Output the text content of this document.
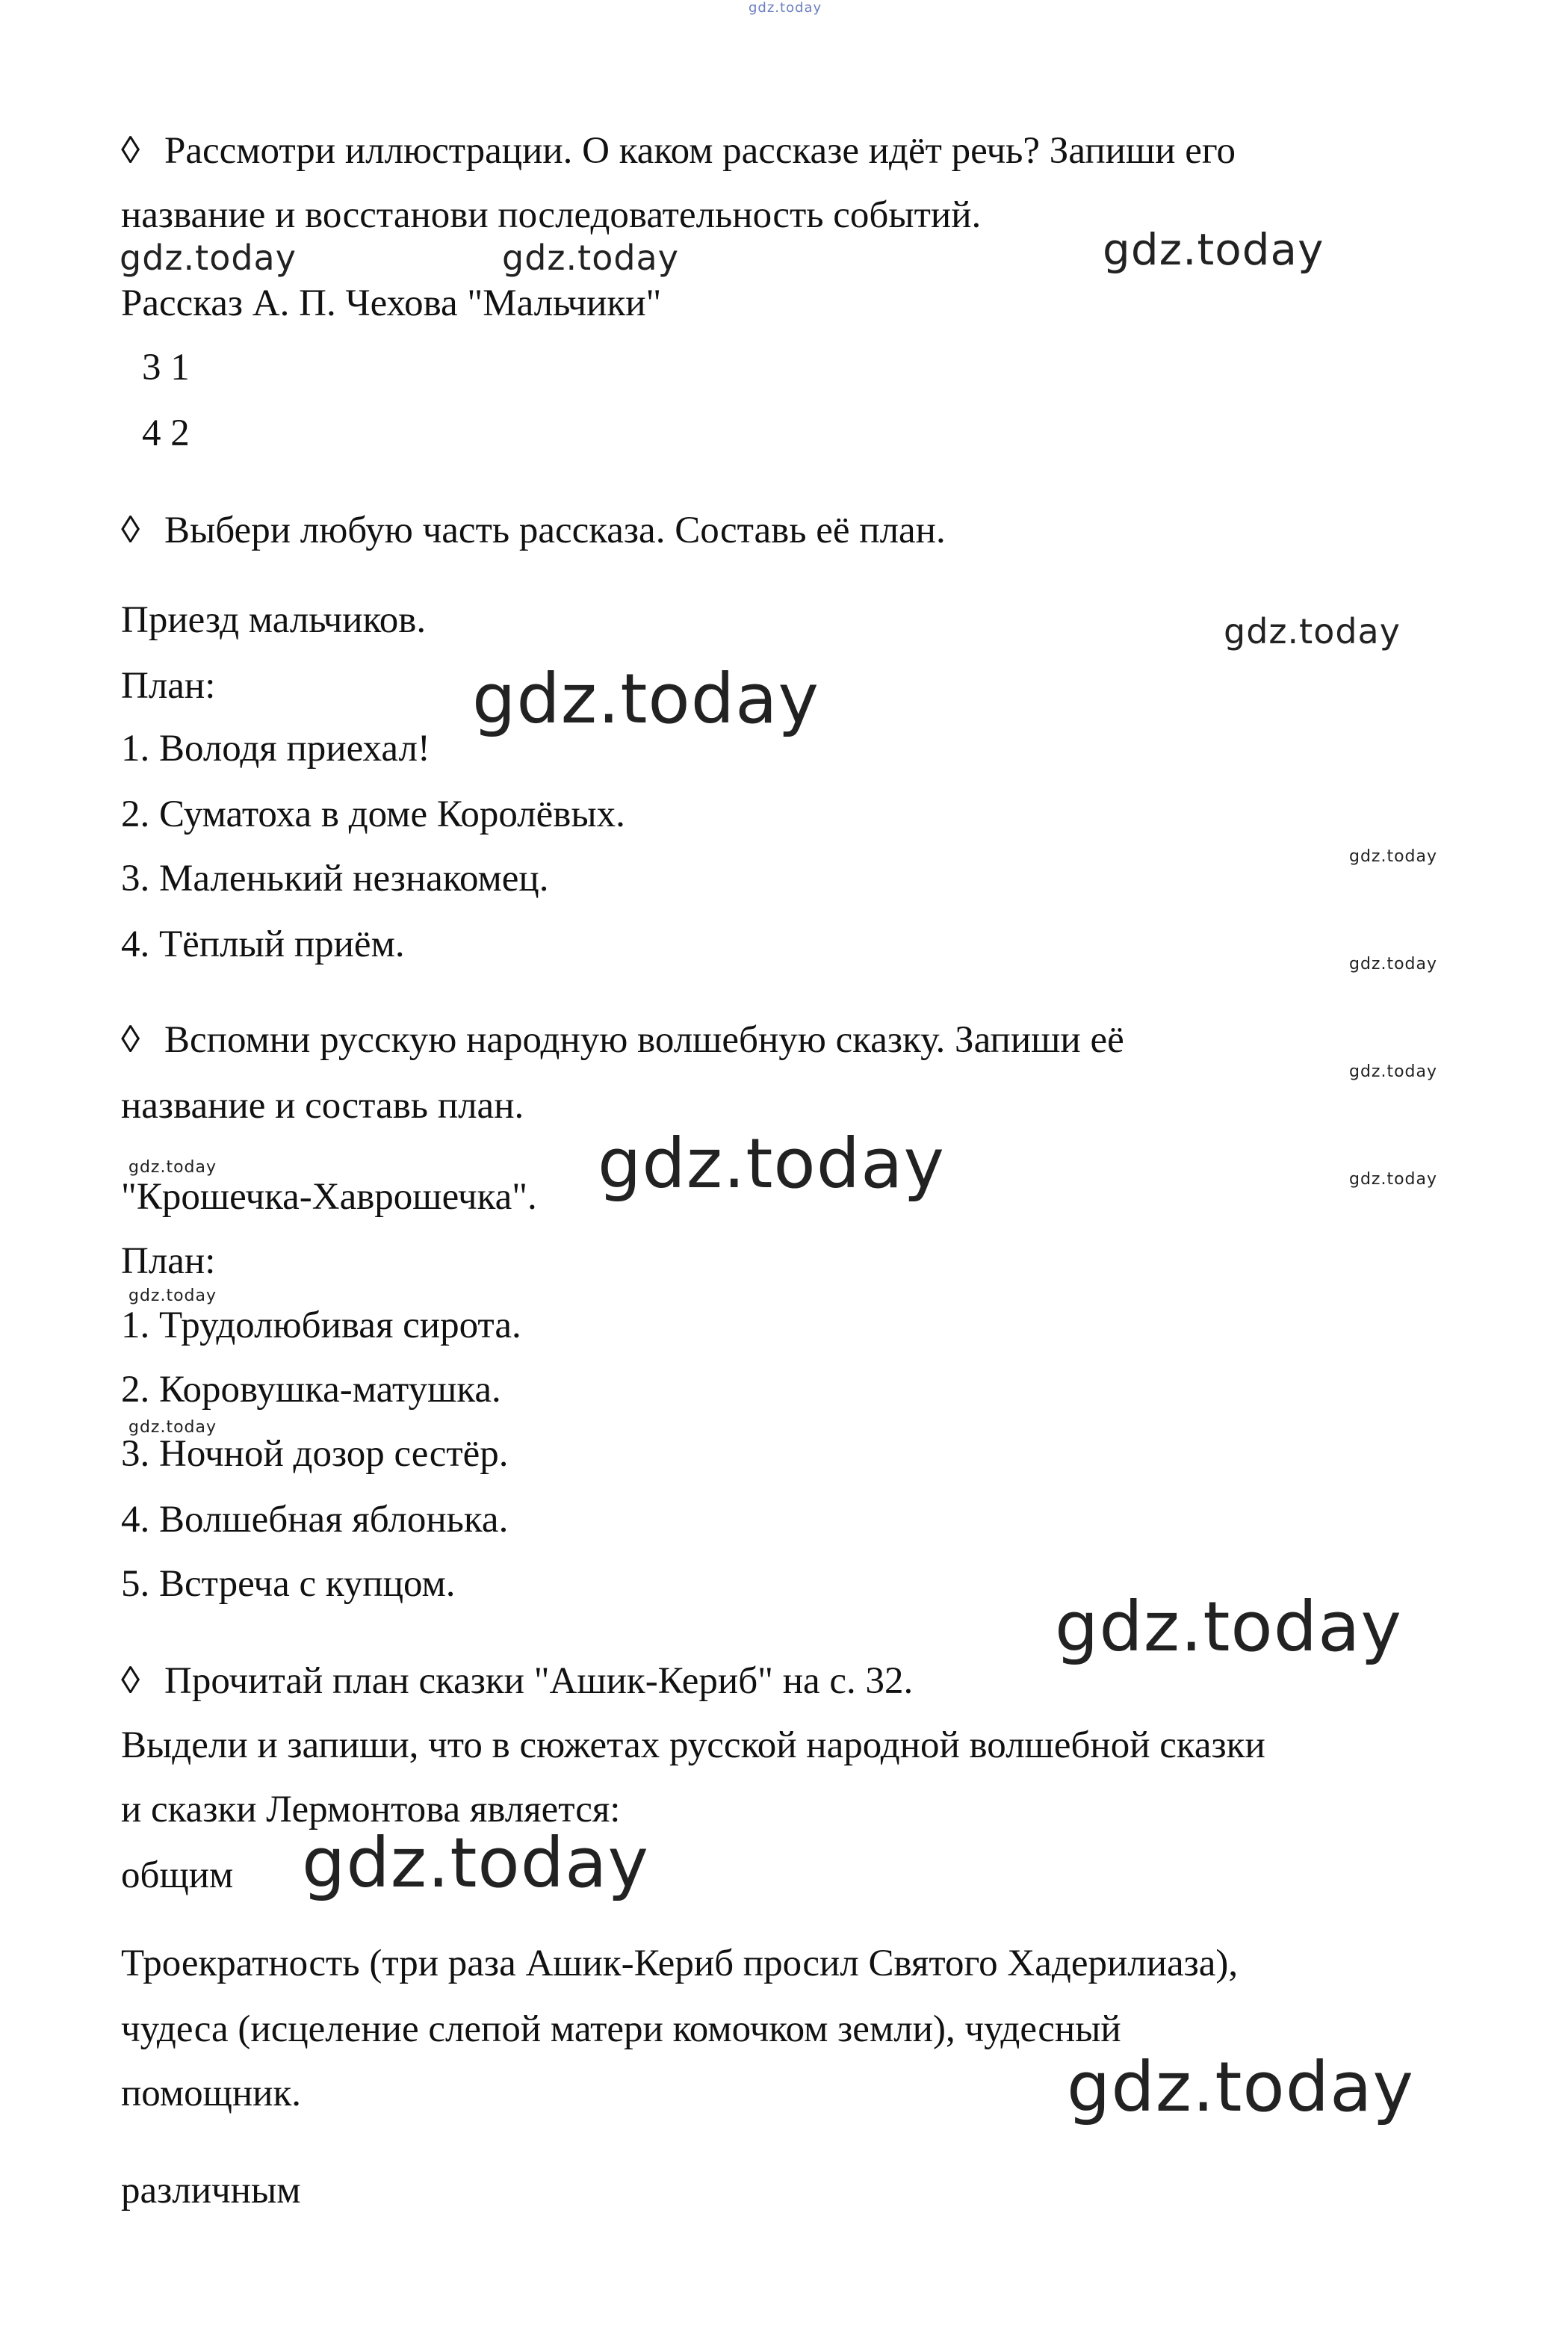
gdz.today
◊ Рассмотри иллюстрации. О каком рассказе идёт речь? Запиши его
название и восстанови последовательность событий.
gdz.today	gdz.today	gdz.today
Рассказ А. П. Чехова "Мальчики"
3 1
4 2
◊ Выбери любую часть рассказа. Составь её план.
Приезд мальчиков.	gdz.today
План:	gdz.today
1. Володя приехал!
2. Суматоха в доме Королёвых.
3. Маленький незнакомец.
4. Тёплый приём.
gdz.today
gdz.today
gdz.today
gdz.today
◊ Вспомни русскую народную волшебную сказку. Запиши её
название и составь план.
gdz.today
"Крошечка-Хаврошечка". gdz.today
План:
gdz.today
1. Трудолюбивая сирота.
2. Коровушка-матушка.
gdz.today
3. Ночной дозор сестёр.
4. Волшебная яблонька.
5. Встреча с купцом.
gdz.today
◊ Прочитай план сказки "Ашик-Кериб" на с. 32.
Выдели и запиши, что в сюжетах русской народной волшебной сказки
и сказки Лермонтова является:
общим gdz.today
Троекратность (три раза Ашик-Кериб просил Святого Хадерилиаза),
чудеса (исцеление слепой матери комочком земли), чудесный
помощник.	gdz.today
различным
